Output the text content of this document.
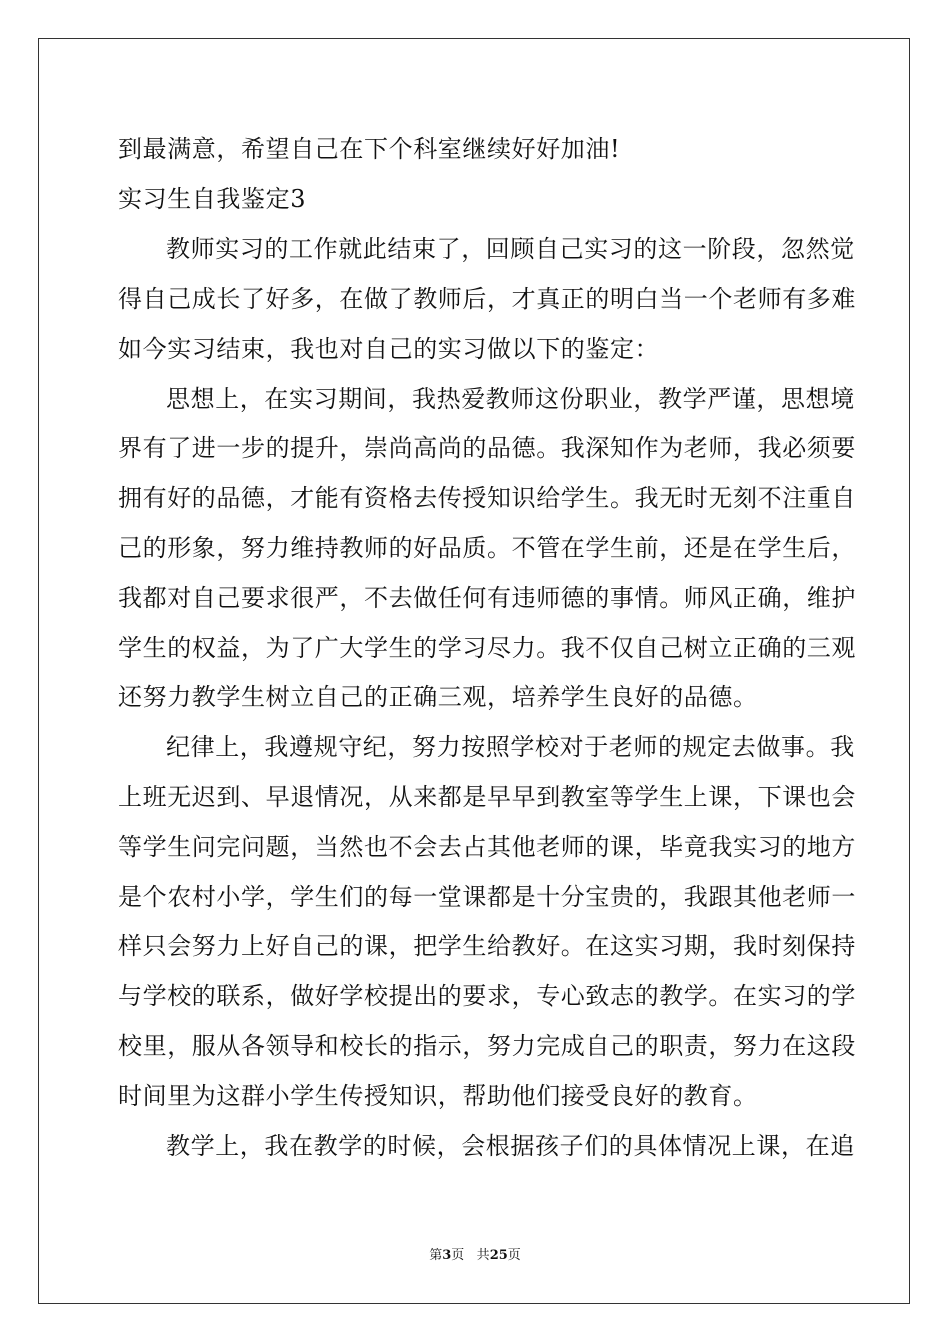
到最满意，希望自己在下个科室继续好好加油!
实习生自我鉴定3
教师实习的工作就此结束了，回顾自己实习的这一阶段，忽然觉
得自己成长了好多，在做了教师后，才真正的明白当一个老师有多难
如今实习结束，我也对自己的实习做以下的鉴定：
思想上，在实习期间，我热爱教师这份职业，教学严谨，思想境
界有了进一步的提升，崇尚高尚的品德。我深知作为老师，我必须要
拥有好的品德，才能有资格去传授知识给学生。我无时无刻不注重自
己的形象，努力维持教师的好品质。不管在学生前，还是在学生后，
我都对自己要求很严，不去做任何有违师德的事情。师风正确，维护
学生的权益，为了广大学生的学习尽力。我不仅自己树立正确的三观
还努力教学生树立自己的正确三观，培养学生良好的品德。
纪律上，我遵规守纪，努力按照学校对于老师的规定去做事。我
上班无迟到、早退情况，从来都是早早到教室等学生上课，下课也会
等学生问完问题，当然也不会去占其他老师的课，毕竟我实习的地方
是个农村小学，学生们的每一堂课都是十分宝贵的，我跟其他老师一
样只会努力上好自己的课，把学生给教好。在这实习期，我时刻保持
与学校的联系，做好学校提出的要求，专心致志的教学。在实习的学
校里，服从各领导和校长的指示，努力完成自己的职责，努力在这段
时间里为这群小学生传授知识，帮助他们接受良好的教育。
教学上，我在教学的时候，会根据孩子们的具体情况上课，在追
第3页 共25页
